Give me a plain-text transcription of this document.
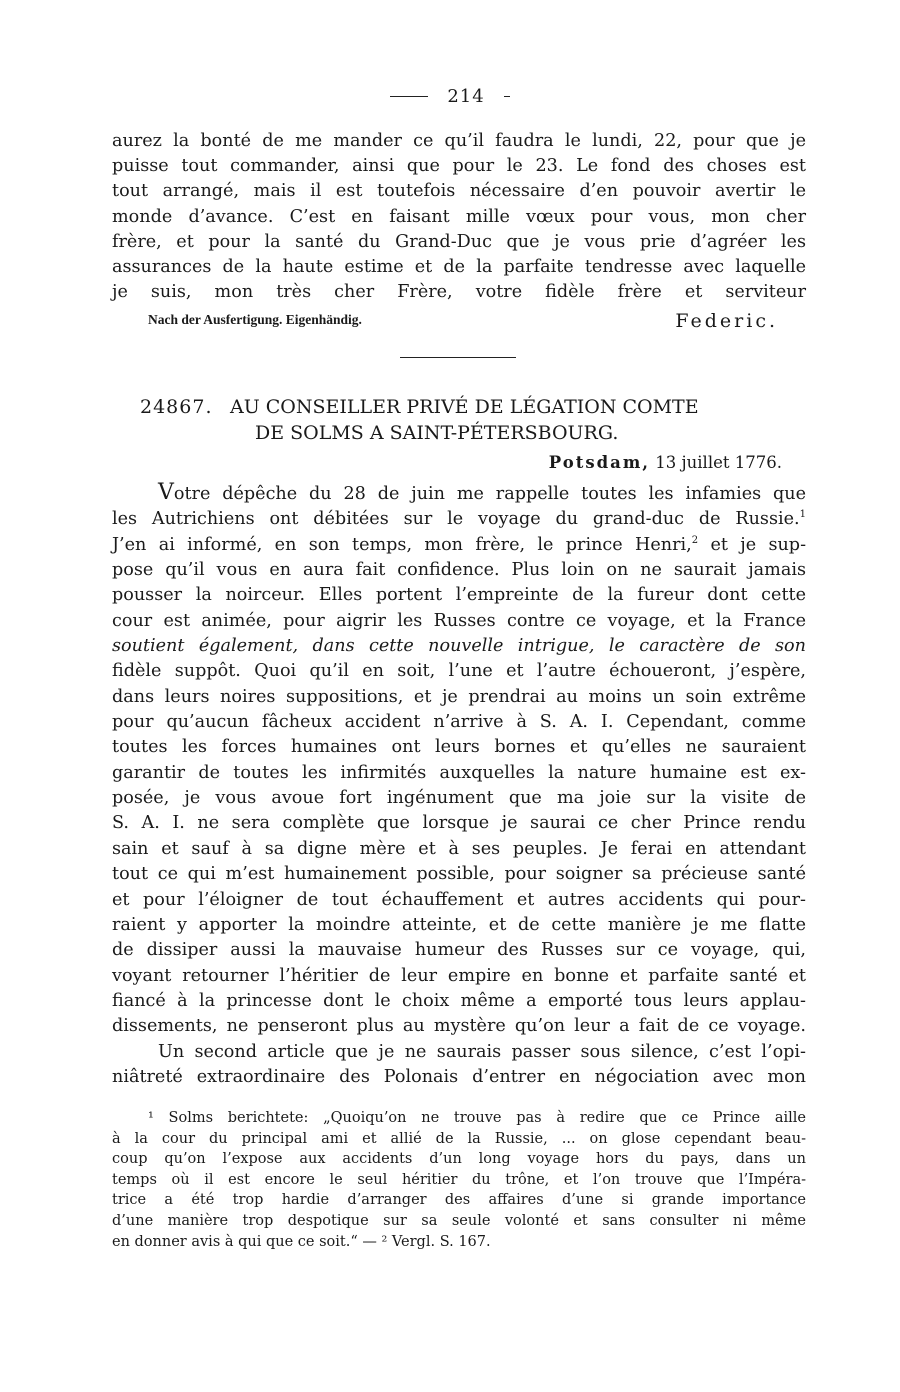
214

aurez la bonté de me mander ce qu’il faudra le lundi, 22, pour que je

puisse tout commander, ainsi que pour le 23. Le fond des choses est

tout arrangé, mais il est toutefois nécessaire d’en pouvoir avertir le

monde d’avance. C’est en faisant mille vœux pour vous, mon cher

frère, et pour la santé du Grand-Duc que je vous prie d’agréer les

assurances de la haute estime et de la parfaite tendresse avec laquelle

je suis, mon très cher Frère, votre fidèle frère et serviteur

Nach der Ausfertigung. Eigenhändig.	Federic.
24867. AU CONSEILLER PRIVÉ DE LÉGATION COMTE
DE SOLMS A SAINT-PÉTERSBOURG.
Potsdam, 13 juillet 1776.

Votre dépêche du 28 de juin me rappelle toutes les infamies que

les Autrichiens ont débitées sur le voyage du grand-duc de Russie.$^1$

J’en ai informé, en son temps, mon frère, le prince Henri,$^2$ et je sup-

pose qu’il vous en aura fait confidence. Plus loin on ne saurait jamais

pousser la noirceur. Elles portent l’empreinte de la fureur dont cette

cour est animée, pour aigrir les Russes contre ce voyage, et la France

soutient également, dans cette nouvelle intrigue, le caractère de son

fidèle suppôt. Quoi qu’il en soit, l’une et l’autre échoueront, j’espère,

dans leurs noires suppositions, et je prendrai au moins un soin extrême

pour qu’aucun fâcheux accident n’arrive à S. A. I. Cependant, comme

toutes les forces humaines ont leurs bornes et qu’elles ne sauraient

garantir de toutes les infirmités auxquelles la nature humaine est ex-

posée, je vous avoue fort ingénument que ma joie sur la visite de

S. A. I. ne sera complète que lorsque je saurai ce cher Prince rendu

sain et sauf à sa digne mère et à ses peuples. Je ferai en attendant

tout ce qui m’est humainement possible, pour soigner sa précieuse santé

et pour l’éloigner de tout échauffement et autres accidents qui pour-

raient y apporter la moindre atteinte, et de cette manière je me flatte

de dissiper aussi la mauvaise humeur des Russes sur ce voyage, qui,

voyant retourner l’héritier de leur empire en bonne et parfaite santé et

fiancé à la princesse dont le choix même a emporté tous leurs applau-

dissements, ne penseront plus au mystère qu’on leur a fait de ce voyage.

Un second article que je ne saurais passer sous silence, c’est l’opi-

niâtreté extraordinaire des Polonais d’entrer en négociation avec mon

¹ Solms berichtete: „Quoiqu’on ne trouve pas à redire que ce Prince aille

à la cour du principal ami et allié de la Russie, ... on glose cependant beau-

coup qu’on l’expose aux accidents d’un long voyage hors du pays, dans un

temps où il est encore le seul héritier du trône, et l’on trouve que l’Impéra-

trice a été trop hardie d’arranger des affaires d’une si grande importance

d’une manière trop despotique sur sa seule volonté et sans consulter ni même

en donner avis à qui que ce soit.“ — ² Vergl. S. 167.
